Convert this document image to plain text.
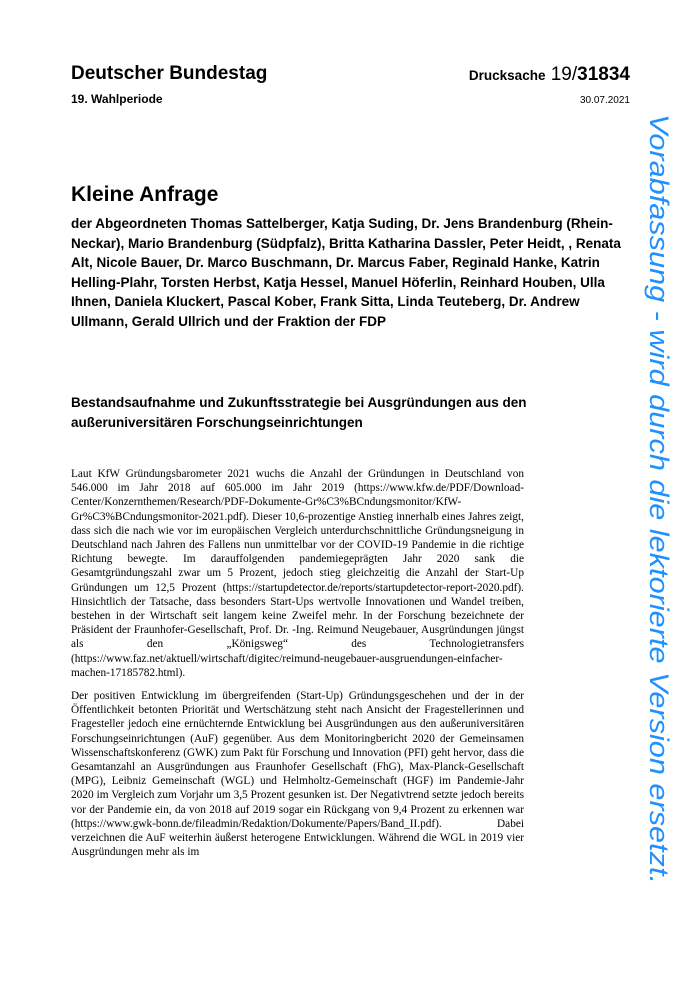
Deutscher Bundestag
19. Wahlperiode
Drucksache 19/31834
30.07.2021
Kleine Anfrage
der Abgeordneten Thomas Sattelberger, Katja Suding, Dr. Jens Brandenburg (Rhein-Neckar), Mario Brandenburg (Südpfalz), Britta Katharina Dassler, Peter Heidt, , Renata Alt, Nicole Bauer, Dr. Marco Buschmann, Dr. Marcus Faber, Reginald Hanke, Katrin Helling-Plahr, Torsten Herbst, Katja Hessel, Manuel Höferlin, Reinhard Houben, Ulla Ihnen, Daniela Kluckert, Pascal Kober, Frank Sitta, Linda Teuteberg, Dr. Andrew Ullmann, Gerald Ullrich und der Fraktion der FDP
Bestandsaufnahme und Zukunftsstrategie bei Ausgründungen aus den außeruniversitären Forschungseinrichtungen

Laut KfW Gründungsbarometer 2021 wuchs die Anzahl der Gründungen in Deutschland von 546.000 im Jahr 2018 auf 605.000 im Jahr 2019 (https://www.kfw.de/PDF/Download-Center/Konzernthemen/Research/PDF-Dokumente-Gr%C3%BCndungsmonitor/KfW-Gr%C3%BCndungsmonitor-2021.pdf). Dieser 10,6-prozentige Anstieg innerhalb eines Jahres zeigt, dass sich die nach wie vor im europäischen Vergleich unterdurchschnittliche Gründungsneigung in Deutschland nach Jahren des Fallens nun unmittelbar vor der COVID-19 Pandemie in die richtige Richtung bewegte. Im darauffolgenden pandemiegeprägten Jahr 2020 sank die Gesamtgründungszahl zwar um 5 Prozent, jedoch stieg gleichzeitig die Anzahl der Start-Up Gründungen um 12,5 Prozent (https://startupdetector.de/reports/startupdetector-report-2020.pdf). Hinsichtlich der Tatsache, dass besonders Start-Ups wertvolle Innovationen und Wandel treiben, bestehen in der Wirtschaft seit langem keine Zweifel mehr. In der Forschung bezeichnete der Präsident der Fraunhofer-Gesellschaft, Prof. Dr. -Ing. Reimund Neugebauer, Ausgründungen jüngst als den „Königsweg“ des Technologietransfers (https://www.faz.net/aktuell/wirtschaft/digitec/reimund-neugebauer-ausgruendungen-einfacher-machen-17185782.html).

Der positiven Entwicklung im übergreifenden (Start-Up) Gründungsgeschehen und der in der Öffentlichkeit betonten Priorität und Wertschätzung steht nach Ansicht der Fragestellerinnen und Fragesteller jedoch eine ernüchternde Entwicklung bei Ausgründungen aus den außeruniversitären Forschungseinrichtungen (AuF) gegenüber. Aus dem Monitoringbericht 2020 der Gemeinsamen Wissenschaftskonferenz (GWK) zum Pakt für Forschung und Innovation (PFI) geht hervor, dass die Gesamtanzahl an Ausgründungen aus Fraunhofer Gesellschaft (FhG), Max-Planck-Gesellschaft (MPG), Leibniz Gemeinschaft (WGL) und Helmholtz-Gemeinschaft (HGF) im Pandemie-Jahr 2020 im Vergleich zum Vorjahr um 3,5 Prozent gesunken ist. Der Negativtrend setzte jedoch bereits vor der Pandemie ein, da von 2018 auf 2019 sogar ein Rückgang von 9,4 Prozent zu erkennen war (https://www.gwk-bonn.de/fileadmin/Redaktion/Dokumente/Papers/Band_II.pdf). Dabei verzeichnen die AuF weiterhin äußerst heterogene Entwicklungen. Während die WGL in 2019 vier Ausgründungen mehr als im

Vorabfassung - wird durch die lektorierte Version ersetzt.
